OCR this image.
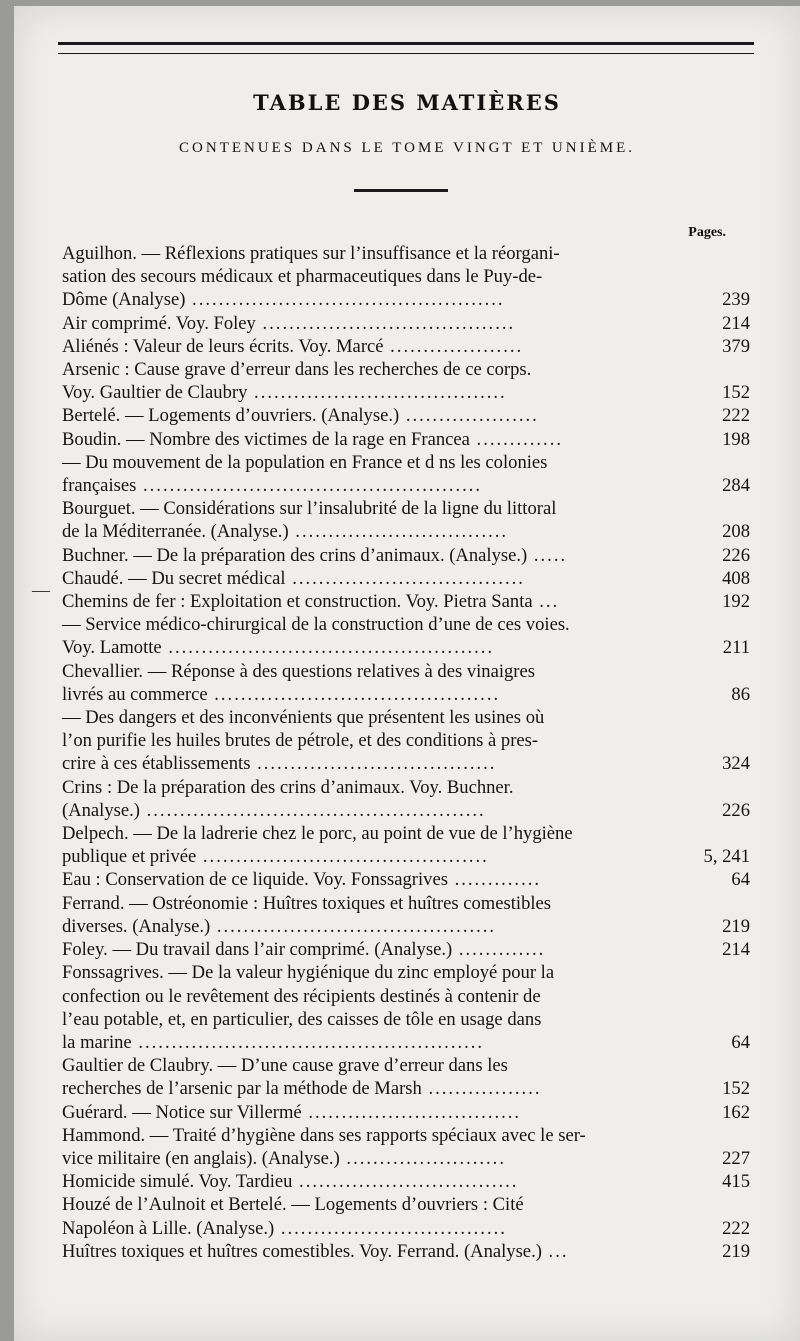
TABLE DES MATIÈRES
CONTENUES DANS LE TOME VINGT ET UNIÈME.
Pages.
—
Aguilhon. — Réflexions pratiques sur l’insuffisance et la réorgani-
sation des secours médicaux et pharmaceutiques dans le Puy-de-
Dôme (Analyse) ...............................................	239
Air comprimé. Voy. Foley ......................................	214
Aliénés : Valeur de leurs écrits. Voy. Marcé ....................	379
Arsenic : Cause grave d’erreur dans les recherches de ce corps.
Voy. Gaultier de Claubry ......................................	152
Bertelé. — Logements d’ouvriers. (Analyse.) ....................	222
Boudin. — Nombre des victimes de la rage en Francea .............	198
— Du mouvement de la population en France et d ns les colonies
françaises ...................................................	284
Bourguet. — Considérations sur l’insalubrité de la ligne du littoral
de la Méditerranée. (Analyse.) ................................	208
Buchner. — De la préparation des crins d’animaux. (Analyse.) .....	226
Chaudé. — Du secret médical ...................................	408
Chemins de fer : Exploitation et construction. Voy. Pietra Santa ...	192
— Service médico-chirurgical de la construction d’une de ces voies.
Voy. Lamotte .................................................	211
Chevallier. — Réponse à des questions relatives à des vinaigres
livrés au commerce ...........................................	86
— Des dangers et des inconvénients que présentent les usines où
l’on purifie les huiles brutes de pétrole, et des conditions à pres-
crire à ces établissements ....................................	324
Crins : De la préparation des crins d’animaux. Voy. Buchner.
(Analyse.) ...................................................	226
Delpech. — De la ladrerie chez le porc, au point de vue de l’hygiène
publique et privée ...........................................	5, 241
Eau : Conservation de ce liquide. Voy. Fonssagrives .............	64
Ferrand. — Ostréonomie : Huîtres toxiques et huîtres comestibles
diverses. (Analyse.) ..........................................	219
Foley. — Du travail dans l’air comprimé. (Analyse.) .............	214
Fonssagrives. — De la valeur hygiénique du zinc employé pour la
confection ou le revêtement des récipients destinés à contenir de
l’eau potable, et, en particulier, des caisses de tôle en usage dans
la marine ....................................................	64
Gaultier de Claubry. — D’une cause grave d’erreur dans les
recherches de l’arsenic par la méthode de Marsh .................	152
Guérard. — Notice sur Villermé ................................	162
Hammond. — Traité d’hygiène dans ses rapports spéciaux avec le ser-
vice militaire (en anglais). (Analyse.) ........................	227
Homicide simulé. Voy. Tardieu .................................	415
Houzé de l’Aulnoit et Bertelé. — Logements d’ouvriers : Cité
Napoléon à Lille. (Analyse.) ..................................	222
Huîtres toxiques et huîtres comestibles. Voy. Ferrand. (Analyse.) ...	219
